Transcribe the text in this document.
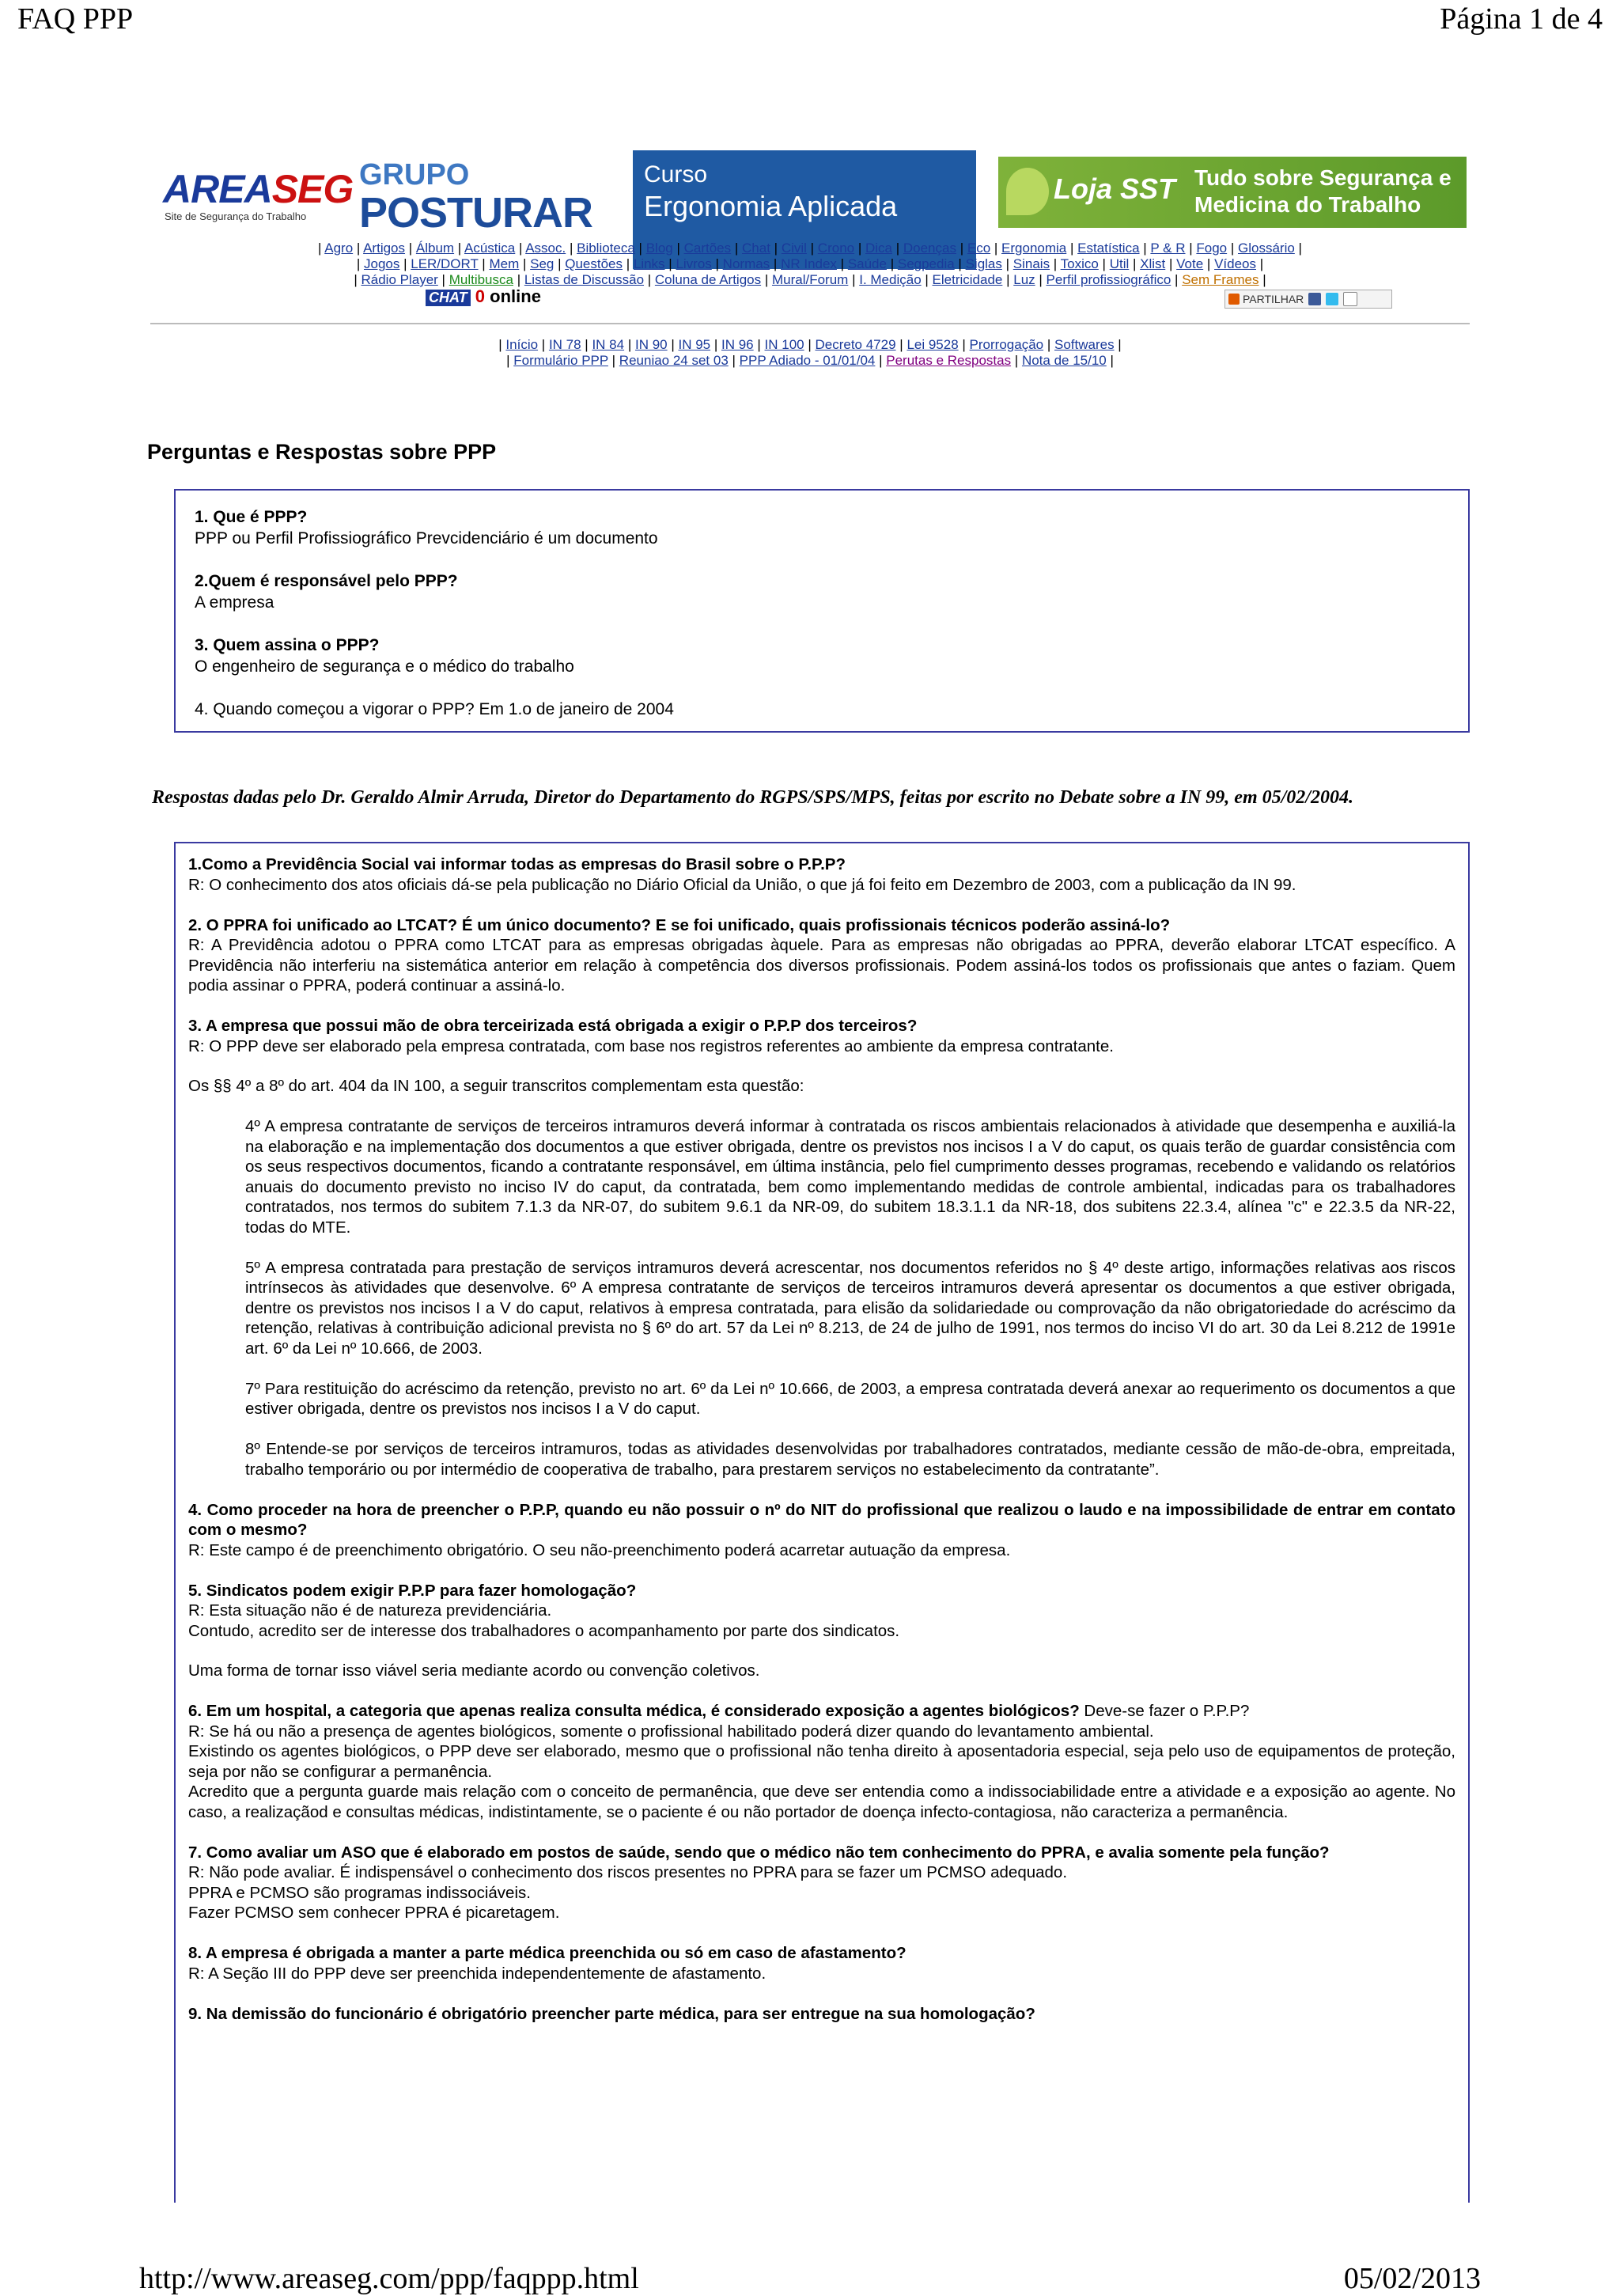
FAQ PPP	Página 1 de 4
AREASEG
Site de Segurança do Trabalho
GRUPO
POSTURAR
Curso
Ergonomia Aplicada
Loja SST Tudo sobre Segurança e
Medicina do Trabalho
| Agro | Artigos | Álbum | Acústica | Assoc. | Biblioteca | Blog | Cartões | Chat | Civil | Crono | Dica | Doenças | Eco | Ergonomia | Estatística | P & R | Fogo | Glossário |
| Jogos | LER/DORT | Mem | Seg | Questões | Links | Livros | Normas | NR Index | Saúde | Segpedia | Siglas | Sinais | Toxico | Util | Xlist | Vote | Vídeos |
| Rádio Player | Multibusca | Listas de Discussão | Coluna de Artigos | Mural/Forum | I. Medição | Eletricidade | Luz | Perfil profissiográfico | Sem Frames |
CHAT 0 online	PARTILHAR
| Início | IN 78 | IN 84 | IN 90 | IN 95 | IN 96 | IN 100 | Decreto 4729 | Lei 9528 | Prorrogação | Softwares |
| Formulário PPP | Reuniao 24 set 03 | PPP Adiado - 01/01/04 | Perutas e Respostas | Nota de 15/10 |
Perguntas e Respostas sobre PPP

1. Que é PPP?
PPP ou Perfil Profissiográfico Prevcidenciário é um documento

2.Quem é responsável pelo PPP?
A empresa

3. Quem assina o PPP?
O engenheiro de segurança e o médico do trabalho

4. Quando começou a vigorar o PPP? Em 1.o de janeiro de 2004

Respostas dadas pelo Dr. Geraldo Almir Arruda, Diretor do Departamento do RGPS/SPS/MPS, feitas por escrito no Debate sobre a IN 99, em 05/02/2004.

1.Como a Previdência Social vai informar todas as empresas do Brasil sobre o P.P.P?
R: O conhecimento dos atos oficiais dá-se pela publicação no Diário Oficial da União, o que já foi feito em Dezembro de 2003, com a publicação da IN 99.

2. O PPRA foi unificado ao LTCAT? É um único documento? E se foi unificado, quais profissionais técnicos poderão assiná-lo?
R: A Previdência adotou o PPRA como LTCAT para as empresas obrigadas àquele. Para as empresas não obrigadas ao PPRA, deverão elaborar LTCAT específico. A Previdência não interferiu na sistemática anterior em relação à competência dos diversos profissionais. Podem assiná-los todos os profissionais que antes o faziam. Quem podia assinar o PPRA, poderá continuar a assiná-lo.

3. A empresa que possui mão de obra terceirizada está obrigada a exigir o P.P.P dos terceiros?
R: O PPP deve ser elaborado pela empresa contratada, com base nos registros referentes ao ambiente da empresa contratante.

Os §§ 4º a 8º do art. 404 da IN 100, a seguir transcritos complementam esta questão:

4º A empresa contratante de serviços de terceiros intramuros deverá informar à contratada os riscos ambientais relacionados à atividade que desempenha e auxiliá-la na elaboração e na implementação dos documentos a que estiver obrigada, dentre os previstos nos incisos I a V do caput, os quais terão de guardar consistência com os seus respectivos documentos, ficando a contratante responsável, em última instância, pelo fiel cumprimento desses programas, recebendo e validando os relatórios anuais do documento previsto no inciso IV do caput, da contratada, bem como implementando medidas de controle ambiental, indicadas para os trabalhadores contratados, nos termos do subitem 7.1.3 da NR-07, do subitem 9.6.1 da NR-09, do subitem 18.3.1.1 da NR-18, dos subitens 22.3.4, alínea "c" e 22.3.5 da NR-22, todas do MTE.

5º A empresa contratada para prestação de serviços intramuros deverá acrescentar, nos documentos referidos no § 4º deste artigo, informações relativas aos riscos intrínsecos às atividades que desenvolve. 6º A empresa contratante de serviços de terceiros intramuros deverá apresentar os documentos a que estiver obrigada, dentre os previstos nos incisos I a V do caput, relativos à empresa contratada, para elisão da solidariedade ou comprovação da não obrigatoriedade do acréscimo da retenção, relativas à contribuição adicional prevista no § 6º do art. 57 da Lei nº 8.213, de 24 de julho de 1991, nos termos do inciso VI do art. 30 da Lei 8.212 de 1991e art. 6º da Lei nº 10.666, de 2003.

7º Para restituição do acréscimo da retenção, previsto no art. 6º da Lei nº 10.666, de 2003, a empresa contratada deverá anexar ao requerimento os documentos a que estiver obrigada, dentre os previstos nos incisos I a V do caput.

8º Entende-se por serviços de terceiros intramuros, todas as atividades desenvolvidas por trabalhadores contratados, mediante cessão de mão-de-obra, empreitada, trabalho temporário ou por intermédio de cooperativa de trabalho, para prestarem serviços no estabelecimento da contratante”.

4. Como proceder na hora de preencher o P.P.P, quando eu não possuir o nº do NIT do profissional que realizou o laudo e na impossibilidade de entrar em contato com o mesmo?
R: Este campo é de preenchimento obrigatório. O seu não-preenchimento poderá acarretar autuação da empresa.

5. Sindicatos podem exigir P.P.P para fazer homologação?
R: Esta situação não é de natureza previdenciária.
Contudo, acredito ser de interesse dos trabalhadores o acompanhamento por parte dos sindicatos.

Uma forma de tornar isso viável seria mediante acordo ou convenção coletivos.

6. Em um hospital, a categoria que apenas realiza consulta médica, é considerado exposição a agentes biológicos? Deve-se fazer o P.P.P?
R: Se há ou não a presença de agentes biológicos, somente o profissional habilitado poderá dizer quando do levantamento ambiental.
Existindo os agentes biológicos, o PPP deve ser elaborado, mesmo que o profissional não tenha direito à aposentadoria especial, seja pelo uso de equipamentos de proteção, seja por não se configurar a permanência.
Acredito que a pergunta guarde mais relação com o conceito de permanência, que deve ser entendia como a indissociabilidade entre a atividade e a exposição ao agente. No caso, a realizaçãod e consultas médicas, indistintamente, se o paciente é ou não portador de doença infecto-contagiosa, não caracteriza a permanência.

7. Como avaliar um ASO que é elaborado em postos de saúde, sendo que o médico não tem conhecimento do PPRA, e avalia somente pela função?
R: Não pode avaliar. É indispensável o conhecimento dos riscos presentes no PPRA para se fazer um PCMSO adequado.
PPRA e PCMSO são programas indissociáveis.
Fazer PCMSO sem conhecer PPRA é picaretagem.

8. A empresa é obrigada a manter a parte médica preenchida ou só em caso de afastamento?
R: A Seção III do PPP deve ser preenchida independentemente de afastamento.

9. Na demissão do funcionário é obrigatório preencher parte médica, para ser entregue na sua homologação?

http://www.areaseg.com/ppp/faqppp.html	05/02/2013
